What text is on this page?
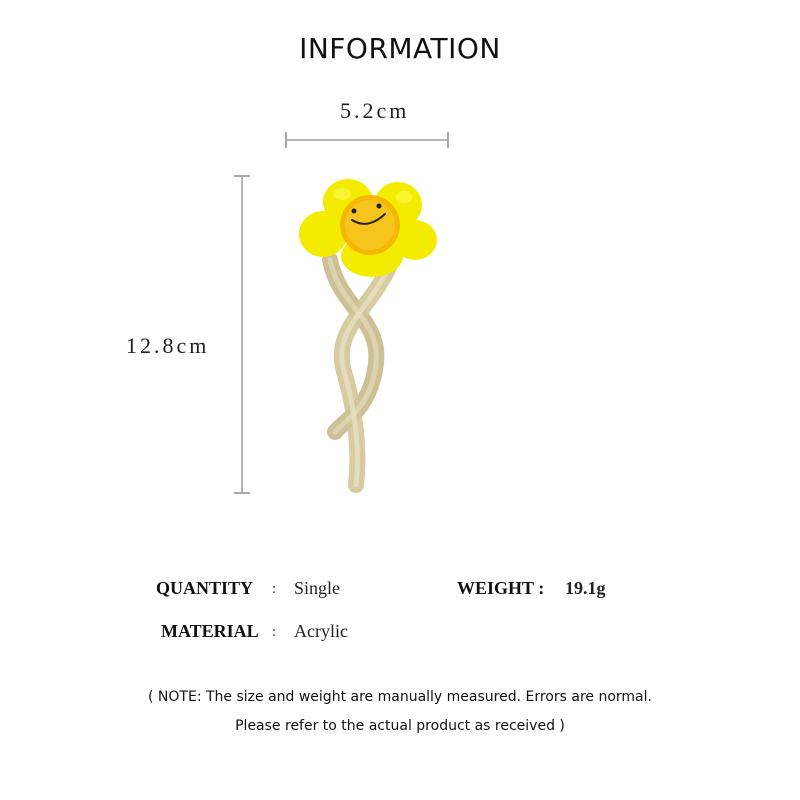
INFORMATION
5.2cm
12.8cm
QUANTITY : Single	WEIGHT : 19.1g
MATERIAL : Acrylic
( NOTE: The size and weight are manually measured. Errors are normal.
Please refer to the actual product as received )
